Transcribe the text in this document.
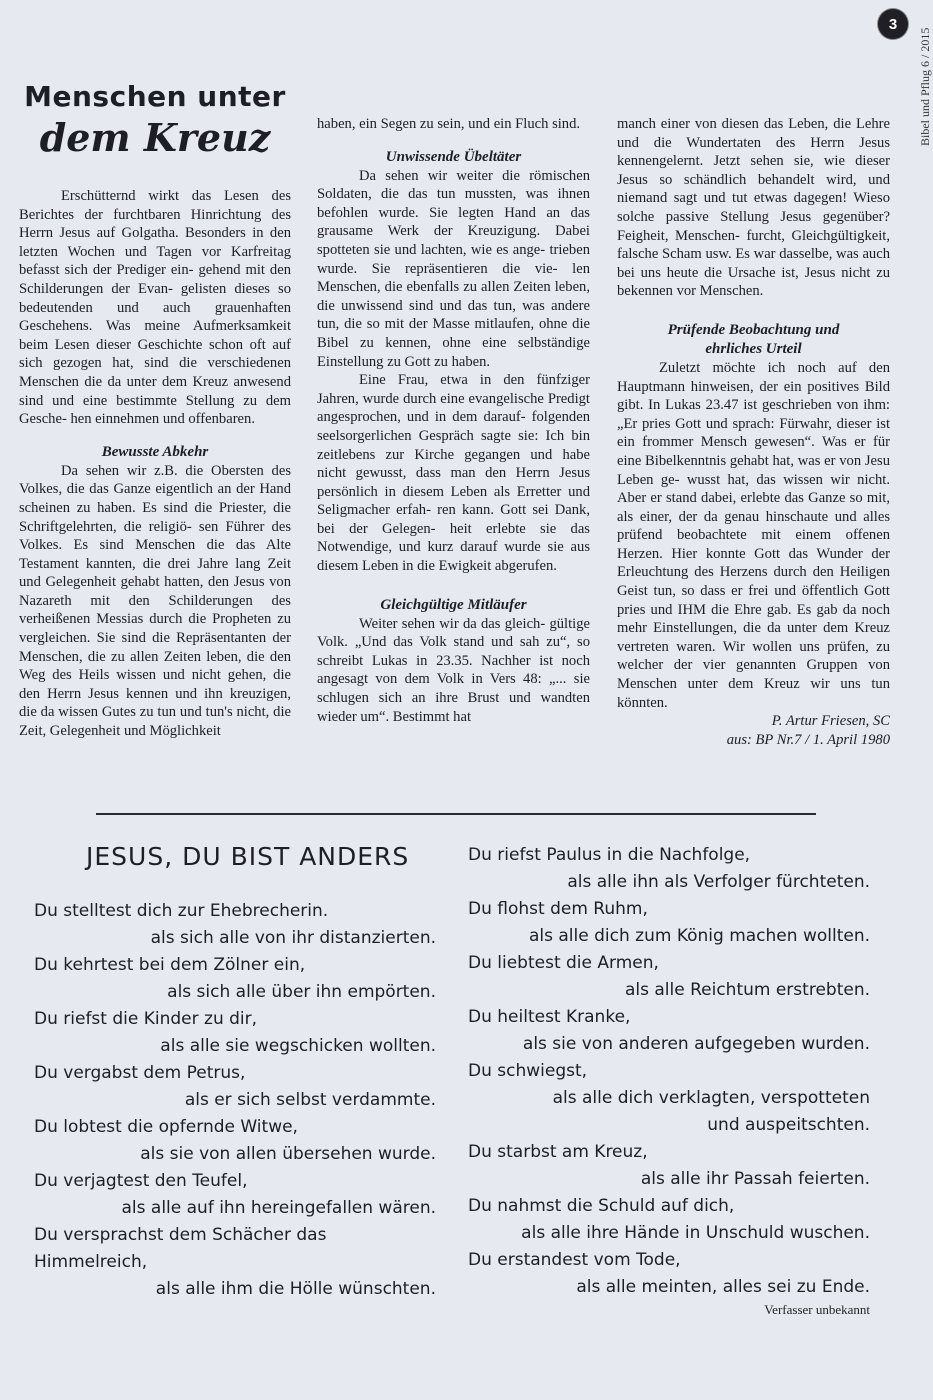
3
Bibel und Pflug 6 / 2015
Menschen unter
dem Kreuz

Erschütternd wirkt das Lesen des Berichtes der furchtbaren Hinrichtung des Herrn Jesus auf Golgatha. Besonders in den letzten Wochen und Tagen vor Karfreitag befasst sich der Prediger ein- gehend mit den Schilderungen der Evan- gelisten dieses so bedeutenden und auch grauenhaften Geschehens. Was meine Aufmerksamkeit beim Lesen dieser Geschichte schon oft auf sich gezogen hat, sind die verschiedenen Menschen die da unter dem Kreuz anwesend sind und eine bestimmte Stellung zu dem Gesche- hen einnehmen und offenbaren.

Bewusste Abkehr

Da sehen wir z.B. die Obersten des Volkes, die das Ganze eigentlich an der Hand scheinen zu haben. Es sind die Priester, die Schriftgelehrten, die religiö- sen Führer des Volkes. Es sind Menschen die das Alte Testament kannten, die drei Jahre lang Zeit und Gelegenheit gehabt hatten, den Jesus von Nazareth mit den Schilderungen des verheißenen Messias durch die Propheten zu vergleichen. Sie sind die Repräsentanten der Menschen, die zu allen Zeiten leben, die den Weg des Heils wissen und nicht gehen, die den Herrn Jesus kennen und ihn kreuzigen, die da wissen Gutes zu tun und tun's nicht, die Zeit, Gelegenheit und Möglichkeit

haben, ein Segen zu sein, und ein Fluch sind.

Unwissende Übeltäter

Da sehen wir weiter die römischen Soldaten, die das tun mussten, was ihnen befohlen wurde. Sie legten Hand an das grausame Werk der Kreuzigung. Dabei spotteten sie und lachten, wie es ange- trieben wurde. Sie repräsentieren die vie- len Menschen, die ebenfalls zu allen Zeiten leben, die unwissend sind und das tun, was andere tun, die so mit der Masse mitlaufen, ohne die Bibel zu kennen, ohne eine selbständige Einstellung zu Gott zu haben.

Eine Frau, etwa in den fünfziger Jahren, wurde durch eine evangelische Predigt angesprochen, und in dem darauf- folgenden seelsorgerlichen Gespräch sagte sie: Ich bin zeitlebens zur Kirche gegangen und habe nicht gewusst, dass man den Herrn Jesus persönlich in diesem Leben als Erretter und Seligmacher erfah- ren kann. Gott sei Dank, bei der Gelegen- heit erlebte sie das Notwendige, und kurz darauf wurde sie aus diesem Leben in die Ewigkeit abgerufen.

Gleichgültige Mitläufer

Weiter sehen wir da das gleich- gültige Volk. „Und das Volk stand und sah zu“, so schreibt Lukas in 23.35. Nachher ist noch angesagt von dem Volk in Vers 48: „... sie schlugen sich an ihre Brust und wandten wieder um“. Bestimmt hat

manch einer von diesen das Leben, die Lehre und die Wundertaten des Herrn Jesus kennengelernt. Jetzt sehen sie, wie dieser Jesus so schändlich behandelt wird, und niemand sagt und tut etwas dagegen! Wieso solche passive Stellung Jesus gegenüber? Feigheit, Menschen- furcht, Gleichgültigkeit, falsche Scham usw. Es war dasselbe, was auch bei uns heute die Ursache ist, Jesus nicht zu bekennen vor Menschen.

Prüfende Beobachtung und
ehrliches Urteil

Zuletzt möchte ich noch auf den Hauptmann hinweisen, der ein positives Bild gibt. In Lukas 23.47 ist geschrieben von ihm: „Er pries Gott und sprach: Fürwahr, dieser ist ein frommer Mensch gewesen“. Was er für eine Bibelkenntnis gehabt hat, was er von Jesu Leben ge- wusst hat, das wissen wir nicht. Aber er stand dabei, erlebte das Ganze so mit, als einer, der da genau hinschaute und alles prüfend beobachtete mit einem offenen Herzen. Hier konnte Gott das Wunder der Erleuchtung des Herzens durch den Heiligen Geist tun, so dass er frei und öffentlich Gott pries und IHM die Ehre gab. Es gab da noch mehr Einstellungen, die da unter dem Kreuz vertreten waren. Wir wollen uns prüfen, zu welcher der vier genannten Gruppen von Menschen unter dem Kreuz wir uns tun könnten.

P. Artur Friesen, SC
aus: BP Nr.7 / 1. April 1980
JESUS, DU BIST ANDERS
Du stelltest dich zur Ehebrecherin.
als sich alle von ihr distanzierten.
Du kehrtest bei dem Zölner ein,
als sich alle über ihn empörten.
Du riefst die Kinder zu dir,
als alle sie wegschicken wollten.
Du vergabst dem Petrus,
als er sich selbst verdammte.
Du lobtest die opfernde Witwe,
als sie von allen übersehen wurde.
Du verjagtest den Teufel,
als alle auf ihn hereingefallen wären.
Du versprachst dem Schächer das
Himmelreich,
als alle ihm die Hölle wünschten.
Du riefst Paulus in die Nachfolge,
als alle ihn als Verfolger fürchteten.
Du flohst dem Ruhm,
als alle dich zum König machen wollten.
Du liebtest die Armen,
als alle Reichtum erstrebten.
Du heiltest Kranke,
als sie von anderen aufgegeben wurden.
Du schwiegst,
als alle dich verklagten, verspotteten
und auspeitschten.
Du starbst am Kreuz,
als alle ihr Passah feierten.
Du nahmst die Schuld auf dich,
als alle ihre Hände in Unschuld wuschen.
Du erstandest vom Tode,
als alle meinten, alles sei zu Ende.
Verfasser unbekannt
